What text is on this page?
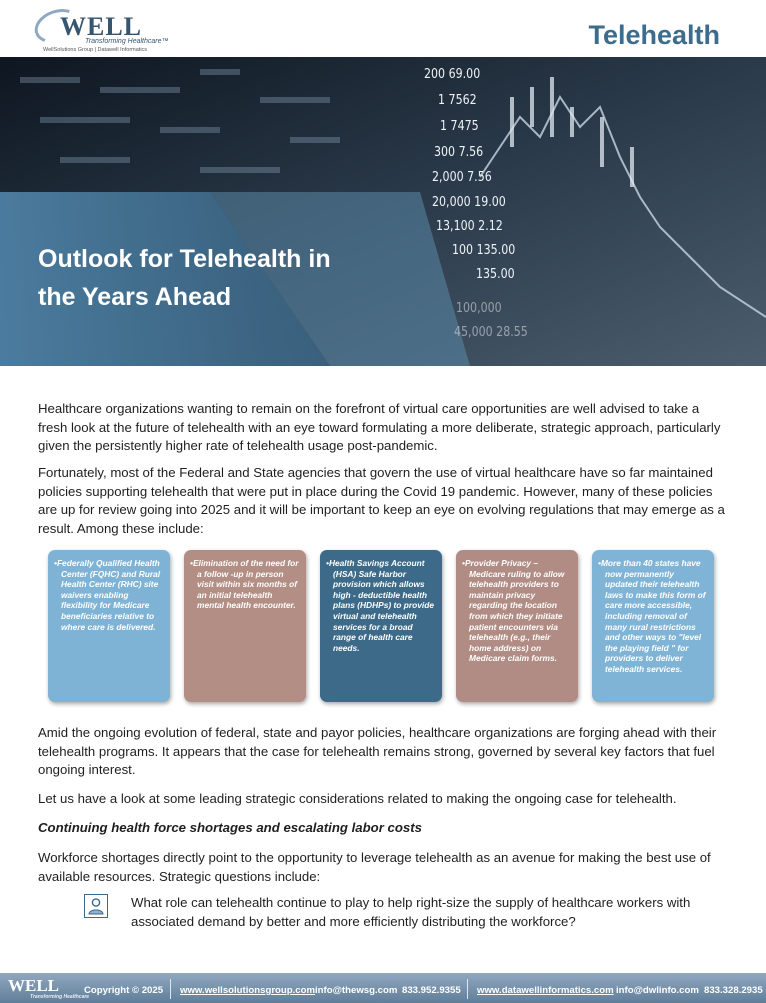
WELL
Transforming Healthcare™
WellSolutions Group | Datawell Informatics	Telehealth
200 69.00
1 7562
1 7475
300 7.56
2,000 7.56
20,000 19.00
13,100 2.12
100 135.00
135.00
100,000
45,000 28.55
Outlook for Telehealth in the Years Ahead

Healthcare organizations wanting to remain on the forefront of virtual care opportunities are well advised to take a fresh look at the future of telehealth with an eye toward formulating a more deliberate, strategic approach, particularly given the persistently higher rate of telehealth usage post-pandemic.

Fortunately, most of the Federal and State agencies that govern the use of virtual healthcare have so far maintained policies supporting telehealth that were put in place during the Covid 19 pandemic. However, many of these policies are up for review going into 2025 and it will be important to keep an eye on evolving regulations that may emerge as a result. Among these include:

• Federally Qualified Health Center (FQHC) and Rural Health Center (RHC) site waivers enabling flexibility for Medicare beneficiaries relative to where care is delivered.
• Elimination of the need for a follow -up in person visit within six months of an initial telehealth mental health encounter.
• Health Savings Account (HSA) Safe Harbor provision which allows high - deductible health plans (HDHPs) to provide virtual and telehealth services for a broad range of health care needs.
• Provider Privacy – Medicare ruling to allow telehealth providers to maintain privacy regarding the location from which they initiate patient encounters via telehealth (e.g., their home address) on Medicare claim forms.
• More than 40 states have now permanently updated their telehealth laws to make this form of care more accessible, including removal of many rural restrictions and other ways to "level the playing field " for providers to deliver telehealth services.

Amid the ongoing evolution of federal, state and payor policies, healthcare organizations are forging ahead with their telehealth programs. It appears that the case for telehealth remains strong, governed by several key factors that fuel ongoing interest.

Let us have a look at some leading strategic considerations related to making the ongoing case for telehealth.

Continuing health force shortages and escalating labor costs

Workforce shortages directly point to the opportunity to leverage telehealth as an avenue for making the best use of available resources. Strategic questions include:

What role can telehealth continue to play to help right-size the supply of healthcare workers with associated demand by better and more efficiently distributing the workforce?

WELL
Transforming Healthcare
Copyright © 2025 www.wellsolutionsgroup.com info@thewsg.com 833.952.9355 www.datawellinformatics.com info@dwlinfo.com 833.328.2935
